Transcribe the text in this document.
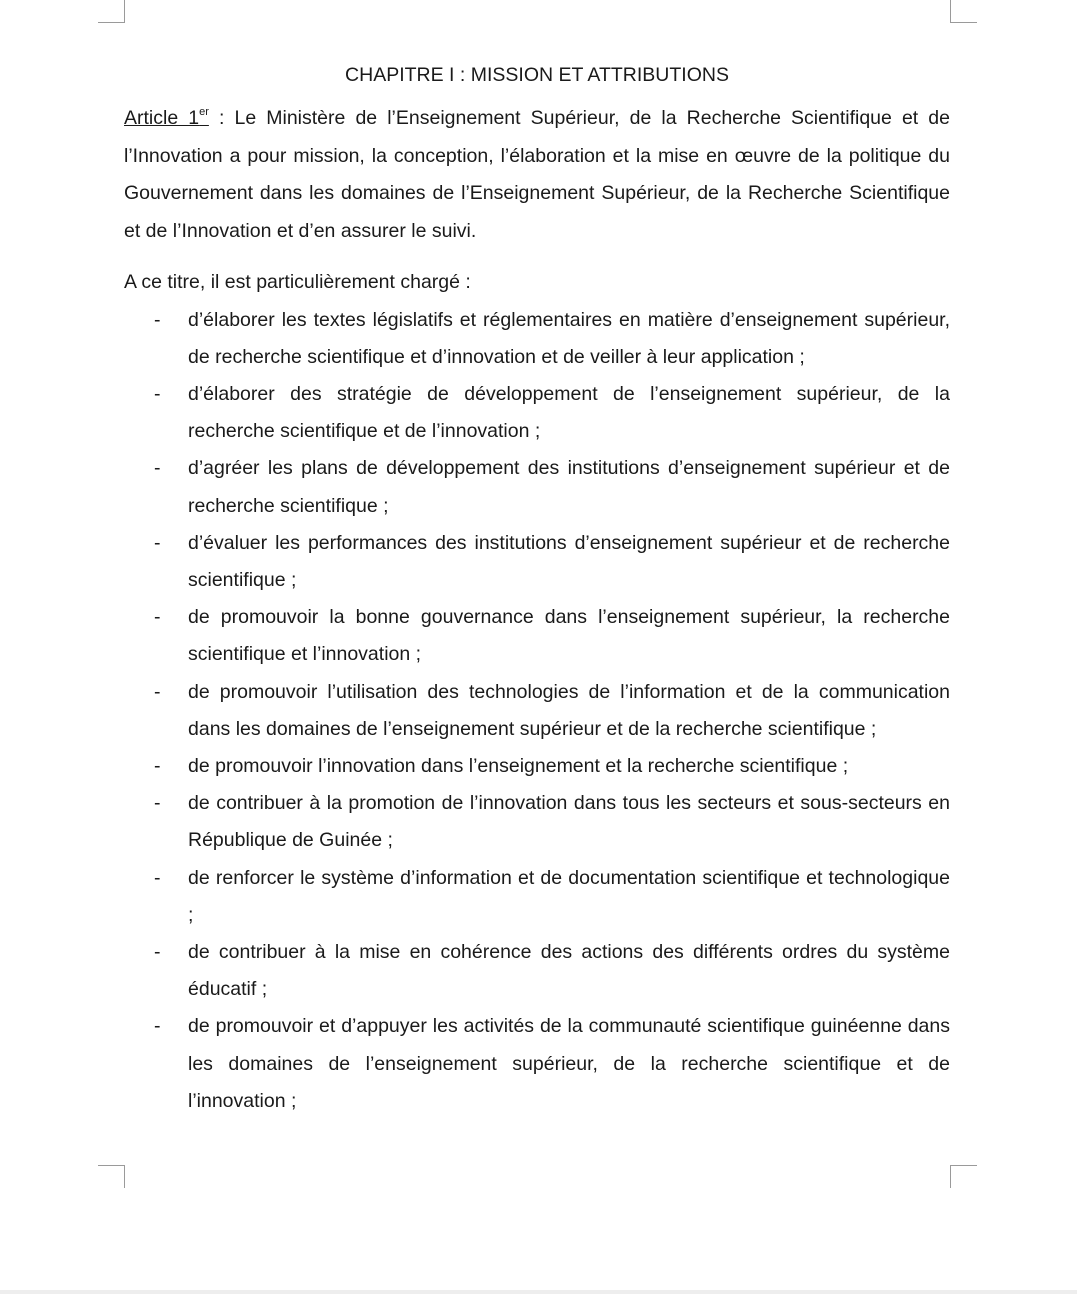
CHAPITRE I : MISSION ET ATTRIBUTIONS

Article 1er : Le Ministère de l’Enseignement Supérieur, de la Recherche Scientifique et de l’Innovation a pour mission, la conception, l’élaboration et la mise en œuvre de la politique du Gouvernement dans les domaines de l’Enseignement Supérieur, de la Recherche Scientifique et de l’Innovation et d’en assurer le suivi.

A ce titre, il est particulièrement chargé :

- d’élaborer les textes législatifs et réglementaires en matière d’enseignement supérieur, de recherche scientifique et d’innovation et de veiller à leur application ;
- d’élaborer des stratégie de développement de l’enseignement supérieur, de la recherche scientifique et de l’innovation ;
- d’agréer les plans de développement des institutions d’enseignement supérieur et de recherche scientifique ;
- d’évaluer les performances des institutions d’enseignement supérieur et de recherche scientifique ;
- de promouvoir la bonne gouvernance dans l’enseignement supérieur, la recherche scientifique et l’innovation ;
- de promouvoir l’utilisation des technologies de l’information et de la communication dans les domaines de l’enseignement supérieur et de la recherche scientifique ;
- de promouvoir l’innovation dans l’enseignement et la recherche scientifique ;
- de contribuer à la promotion de l’innovation dans tous les secteurs et sous-secteurs en République de Guinée ;
- de renforcer le système d’information et de documentation scientifique et technologique ;
- de contribuer à la mise en cohérence des actions des différents ordres du système éducatif ;
- de promouvoir et d’appuyer les activités de la communauté scientifique guinéenne dans les domaines de l’enseignement supérieur, de la recherche scientifique et de l’innovation ;
